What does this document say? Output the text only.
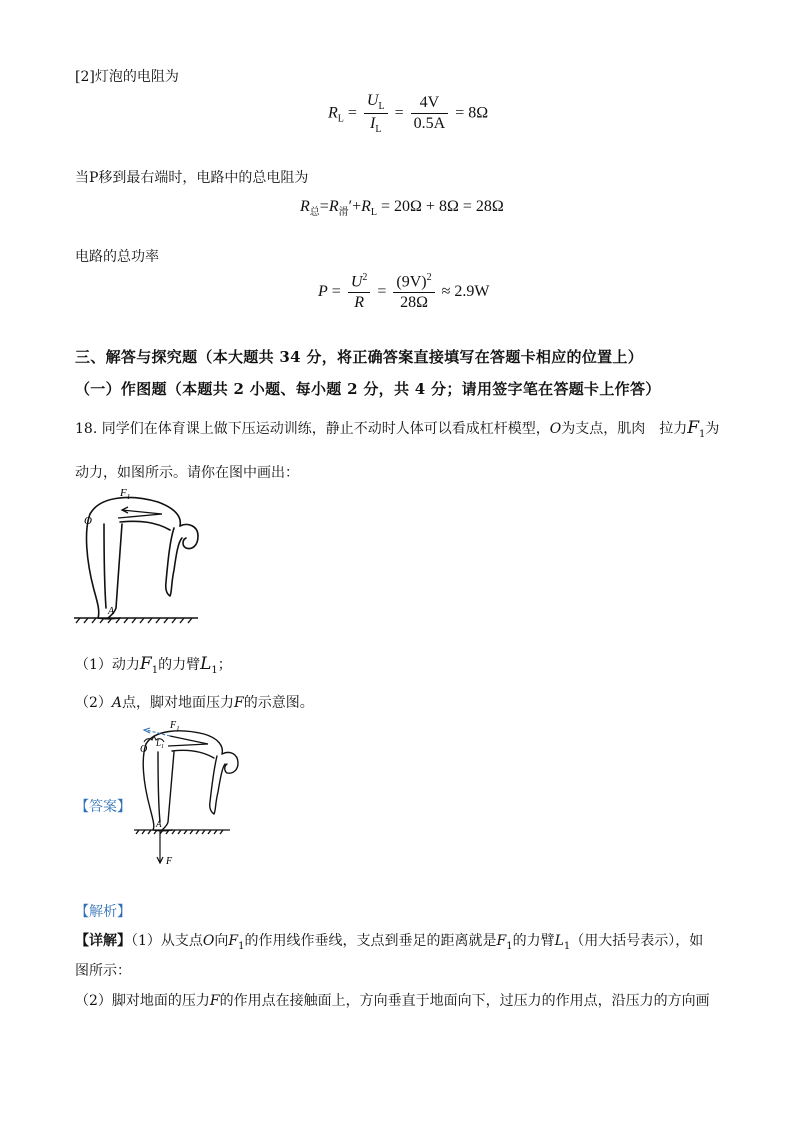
[2]灯泡的电阻为
$R_L = \frac{U_L}{I_L} = \frac{4V}{0.5A} = 8\Omega$
当P移到最右端时，电路中的总电阻为
$R_总=R_滑'+R_L = 20\Omega + 8\Omega = 28\Omega$
电路的总功率
$P = \frac{U^2}{R} = \frac{(9V)^2}{28\Omega} \approx 2.9W$
三、解答与探究题（本大题共 34 分，将正确答案直接填写在答题卡相应的位置上）
（一）作图题（本题共 2 小题、每小题 2 分，共 4 分；请用签字笔在答题卡上作答）
18. 同学们在体育课上做下压运动训练，静止不动时人体可以看成杠杆模型，O为支点，肌肉　拉力$F_1$为
动力，如图所示。请你在图中画出：
$F_1$
O
A
（1）动力$F_1$的力臂$L_1$；
（2）A点，脚对地面压力F的示意图。
【答案】
$F_1$
$L_1$
O
A
F
【解析】
【详解】（1）从支点O向$F_1$的作用线作垂线，支点到垂足的距离就是$F_1$的力臂$L_1$（用大括号表示），如
图所示：
（2）脚对地面的压力F的作用点在接触面上，方向垂直于地面向下，过压力的作用点，沿压力的方向画
